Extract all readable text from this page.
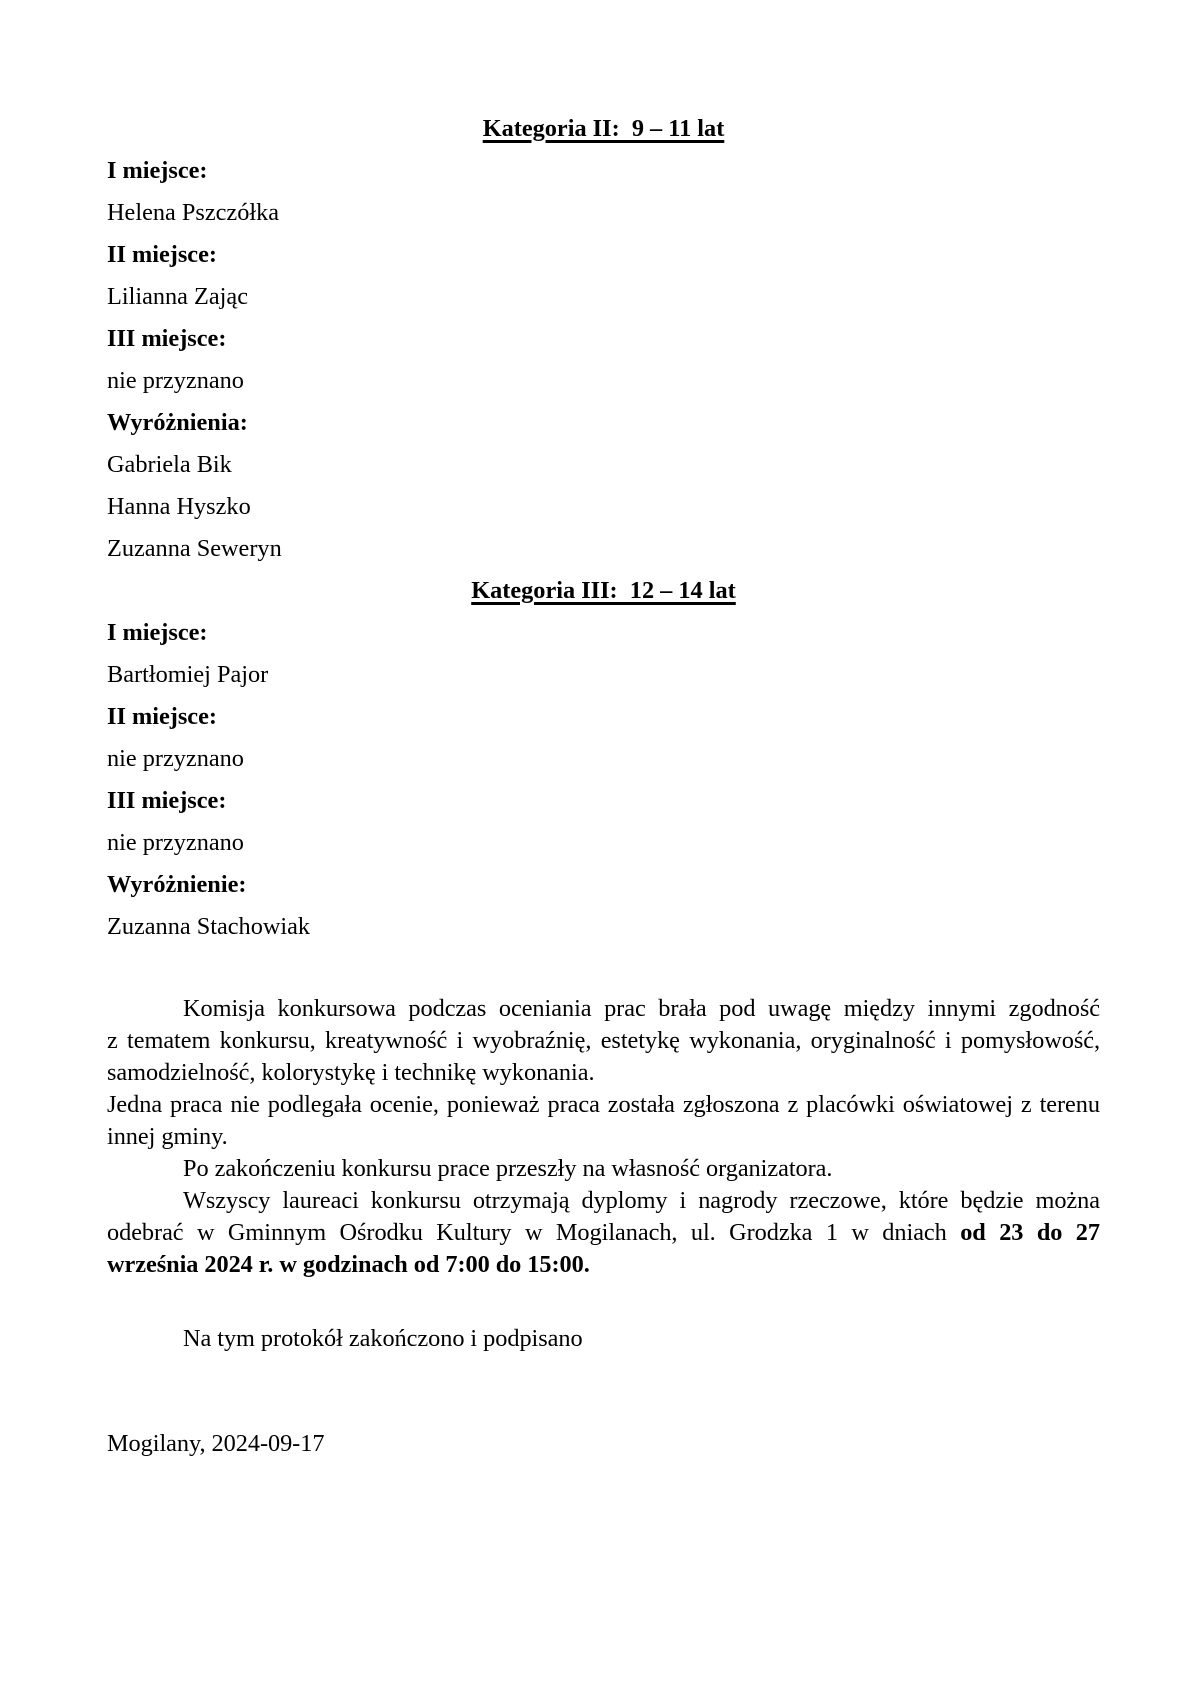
Kategoria II:  9 – 11 lat
I miejsce:
Helena Pszczółka
II miejsce:
Lilianna Zając
III miejsce:
nie przyznano
Wyróżnienia:
Gabriela Bik
Hanna Hyszko
Zuzanna Seweryn
Kategoria III:  12 – 14 lat
I miejsce:
Bartłomiej Pajor
II miejsce:
nie przyznano
III miejsce:
nie przyznano
Wyróżnienie:
Zuzanna Stachowiak
Komisja konkursowa podczas oceniania prac brała pod uwagę między innymi zgodność
z tematem konkursu, kreatywność i wyobraźnię, estetykę wykonania, oryginalność i pomysłowość,
samodzielność, kolorystykę i technikę wykonania.
Jedna praca nie podlegała ocenie, ponieważ praca została zgłoszona z placówki oświatowej z terenu
innej gminy.
Po zakończeniu konkursu prace przeszły na własność organizatora.
Wszyscy laureaci konkursu otrzymają dyplomy i nagrody rzeczowe, które będzie można
odebrać w Gminnym Ośrodku Kultury w Mogilanach, ul. Grodzka 1 w dniach od 23 do 27
września 2024 r. w godzinach od 7:00 do 15:00.
Na tym protokół zakończono i podpisano
Mogilany, 2024-09-17
